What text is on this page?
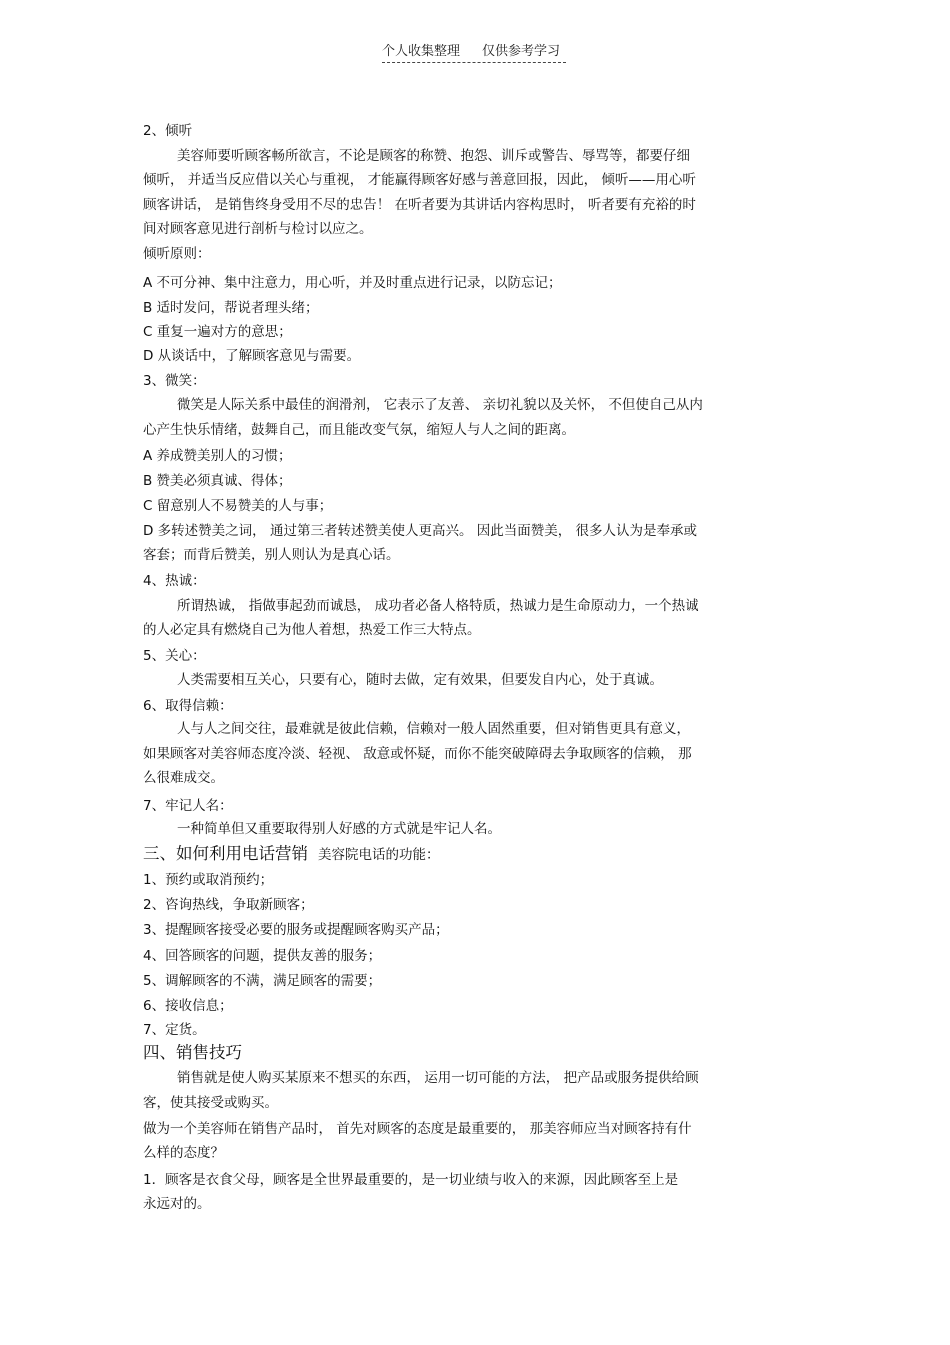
个人收集整理 仅供参考学习
2、倾听
美容师要听顾客畅所欲言，不论是顾客的称赞、抱怨、训斥或警告、辱骂等，都要仔细
倾听， 并适当反应借以关心与重视， 才能赢得顾客好感与善意回报，因此， 倾听——用心听
顾客讲话， 是销售终身受用不尽的忠告！ 在听者要为其讲话内容构思时， 听者要有充裕的时
间对顾客意见进行剖析与检讨以应之。
倾听原则：
A 不可分神、集中注意力，用心听，并及时重点进行记录，以防忘记；
B 适时发问，帮说者理头绪；
C 重复一遍对方的意思；
D 从谈话中，了解顾客意见与需要。
3、微笑：
微笑是人际关系中最佳的润滑剂， 它表示了友善、 亲切礼貌以及关怀， 不但使自己从内
心产生快乐情绪，鼓舞自己，而且能改变气氛，缩短人与人之间的距离。
A 养成赞美别人的习惯；
B 赞美必须真诚、得体；
C 留意别人不易赞美的人与事；
D 多转述赞美之词， 通过第三者转述赞美使人更高兴。 因此当面赞美， 很多人认为是奉承或
客套；而背后赞美，别人则认为是真心话。
4、热诚：
所谓热诚， 指做事起劲而诚恳， 成功者必备人格特质，热诚力是生命原动力，一个热诚
的人必定具有燃烧自己为他人着想，热爱工作三大特点。
5、关心：
人类需要相互关心，只要有心，随时去做，定有效果，但要发自内心，处于真诚。
6、取得信赖：
人与人之间交往，最难就是彼此信赖，信赖对一般人固然重要，但对销售更具有意义，
如果顾客对美容师态度冷淡、轻视、 敌意或怀疑，而你不能突破障碍去争取顾客的信赖， 那
么很难成交。
7、牢记人名：
一种简单但又重要取得别人好感的方式就是牢记人名。
三、如何利用电话营销 美容院电话的功能：
1、预约或取消预约；
2、咨询热线，争取新顾客；
3、提醒顾客接受必要的服务或提醒顾客购买产品；
4、回答顾客的问题，提供友善的服务；
5、调解顾客的不满，满足顾客的需要；
6、接收信息；
7、定货。
四、销售技巧
销售就是使人购买某原来不想买的东西， 运用一切可能的方法， 把产品或服务提供给顾
客，使其接受或购买。
做为一个美容师在销售产品时， 首先对顾客的态度是最重要的， 那美容师应当对顾客持有什
么样的态度？
1．顾客是衣食父母，顾客是全世界最重要的，是一切业绩与收入的来源，因此顾客至上是
永远对的。
